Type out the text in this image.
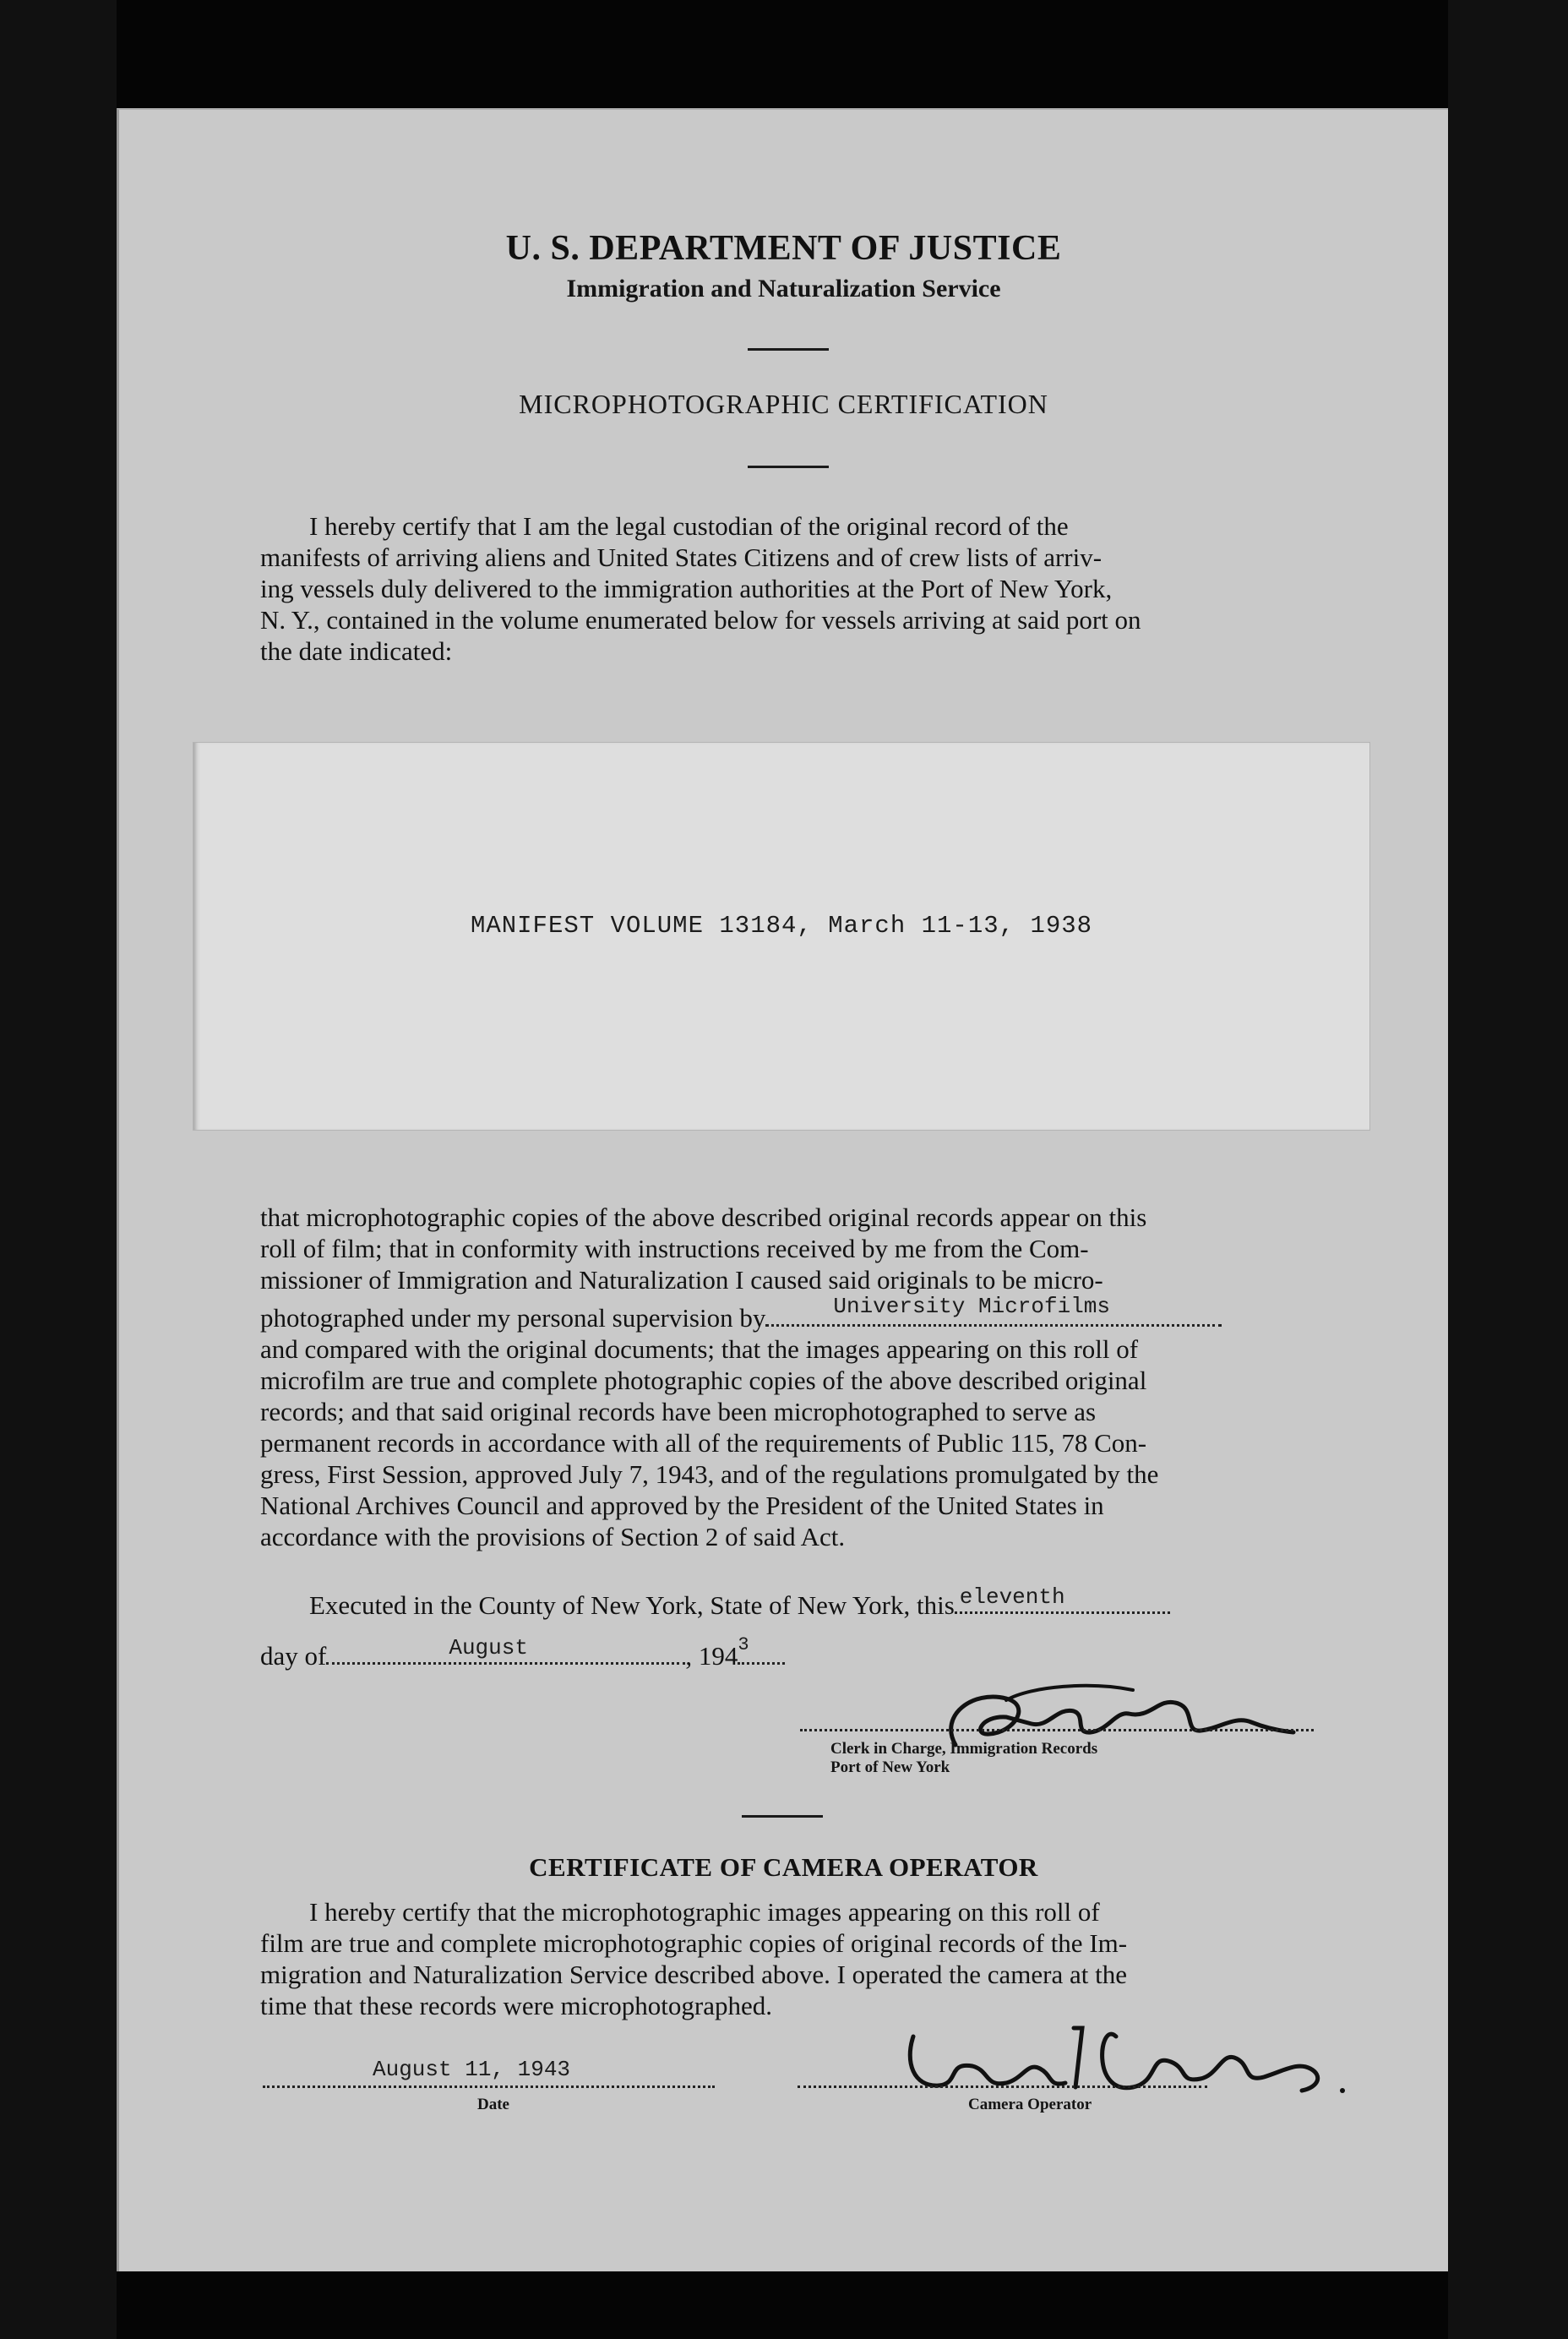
U. S. DEPARTMENT OF JUSTICE
Immigration and Naturalization Service
MICROPHOTOGRAPHIC CERTIFICATION
I hereby certify that I am the legal custodian of the original record of the
manifests of arriving aliens and United States Citizens and of crew lists of arriv-
ing vessels duly delivered to the immigration authorities at the Port of New York,
N. Y., contained in the volume enumerated below for vessels arriving at said port on
the date indicated:
MANIFEST VOLUME 13184, March 11-13, 1938
that microphotographic copies of the above described original records appear on this
roll of film; that in conformity with instructions received by me from the Com-
missioner of Immigration and Naturalization I caused said originals to be micro-
photographed under my personal supervision by	University Microfilms
and compared with the original documents; that the images appearing on this roll of
microfilm are true and complete photographic copies of the above described original
records; and that said original records have been microphotographed to serve as
permanent records in accordance with all of the requirements of Public 115, 78 Con-
gress, First Session, approved July 7, 1943, and of the regulations promulgated by the
National Archives Council and approved by the President of the United States in
accordance with the provisions of Section 2 of said Act.
Executed in the County of New York, State of New York, this eleventh
day of	August	, 194 3
Clerk in Charge, Immigration Records
Port of New York
CERTIFICATE OF CAMERA OPERATOR
I hereby certify that the microphotographic images appearing on this roll of
film are true and complete microphotographic copies of original records of the Im-
migration and Naturalization Service described above. I operated the camera at the
time that these records were microphotographed.
August 11, 1943
Date	Camera Operator
